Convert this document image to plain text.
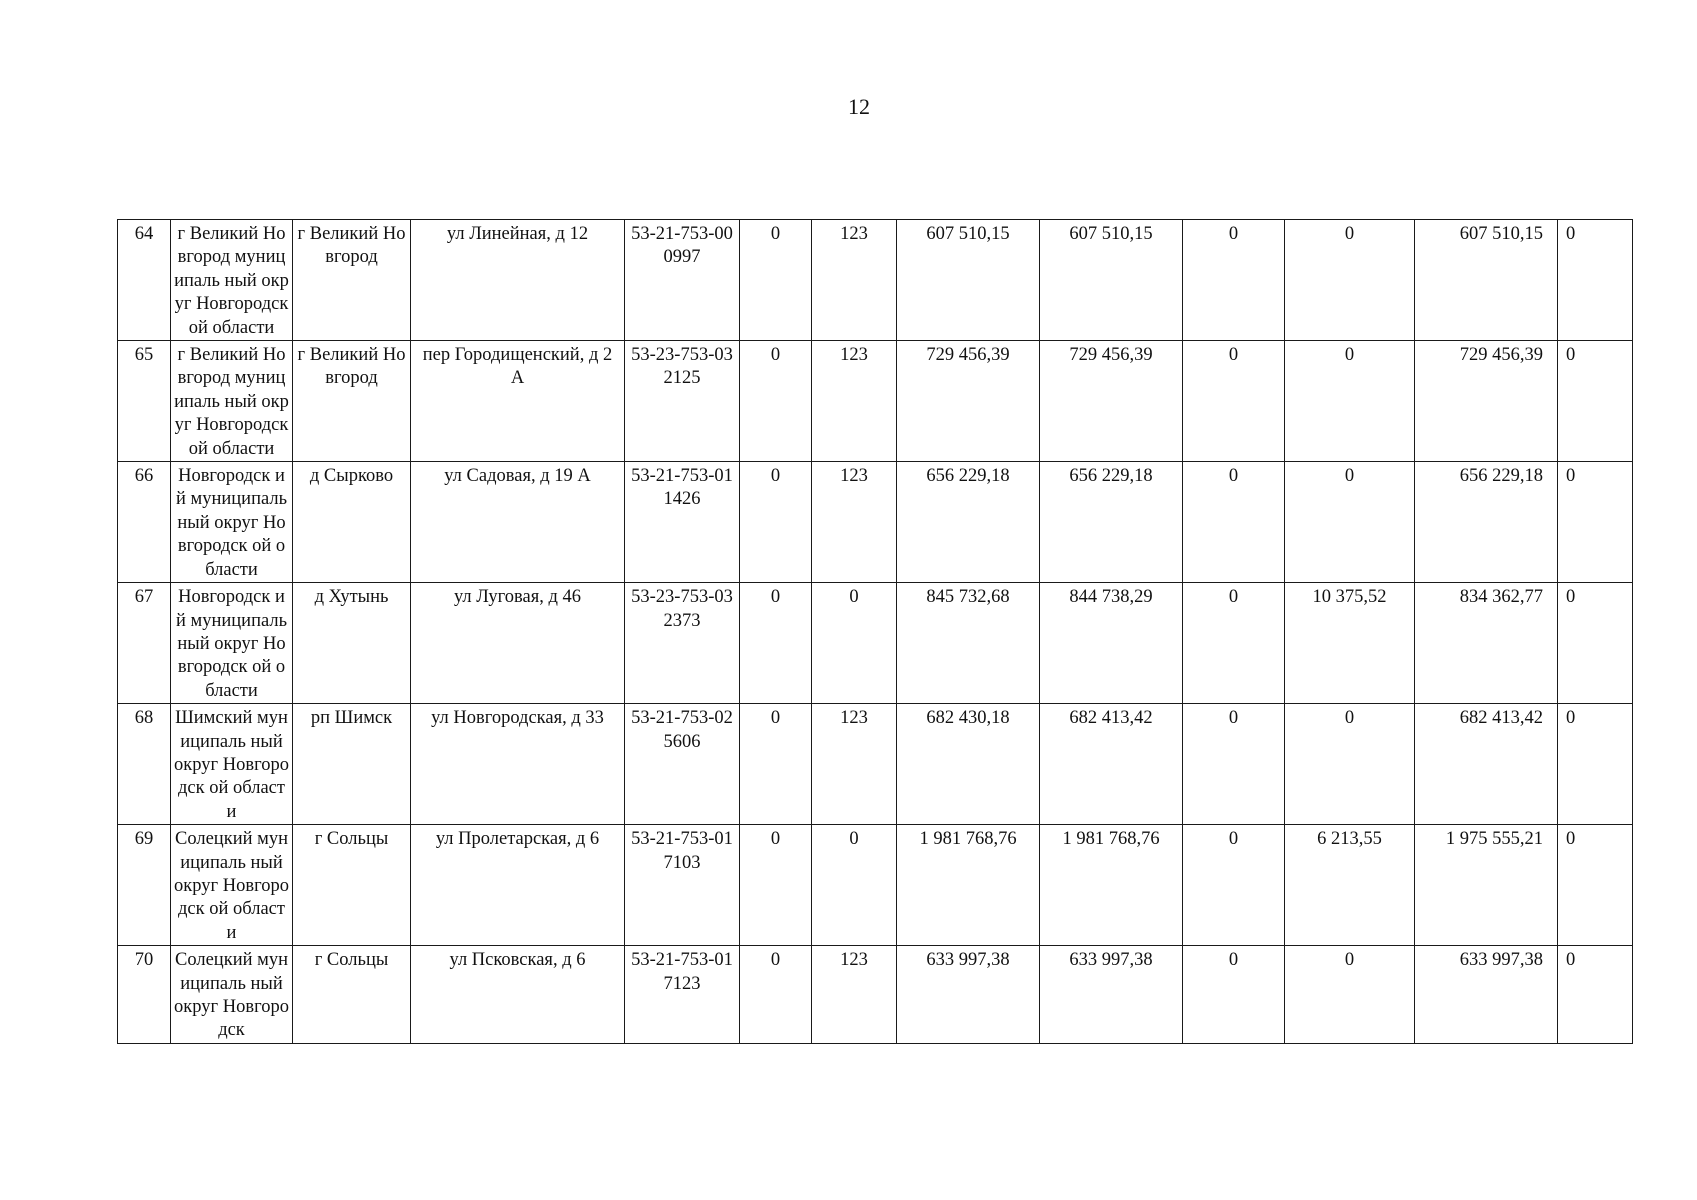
12
64	г Великий Новгород муниципаль ный округ Новгородск ой области	г Великий Новгород	ул Линейная, д 12	53-21-753-000997	0	123	607 510,15	607 510,15	0	0	607 510,15	0
65	г Великий Новгород муниципаль ный округ Новгородск ой области	г Великий Новгород	пер Городищенский, д 2 А	53-23-753-032125	0	123	729 456,39	729 456,39	0	0	729 456,39	0
66	Новгородск ий муниципаль ный округ Новгородск ой области	д Сырково	ул Садовая, д 19 А	53-21-753-011426	0	123	656 229,18	656 229,18	0	0	656 229,18	0
67	Новгородск ий муниципаль ный округ Новгородск ой области	д Хутынь	ул Луговая, д 46	53-23-753-032373	0	0	845 732,68	844 738,29	0	10 375,52	834 362,77	0
68	Шимский муниципаль ный округ Новгородск ой области	рп Шимск	ул Новгородская, д 33	53-21-753-025606	0	123	682 430,18	682 413,42	0	0	682 413,42	0
69	Солецкий муниципаль ный округ Новгородск ой области	г Сольцы	ул Пролетарская, д 6	53-21-753-017103	0	0	1 981 768,76	1 981 768,76	0	6 213,55	1 975 555,21	0
70	Солецкий муниципаль ный округ Новгородск	г Сольцы	ул Псковская, д 6	53-21-753-017123	0	123	633 997,38	633 997,38	0	0	633 997,38	0
